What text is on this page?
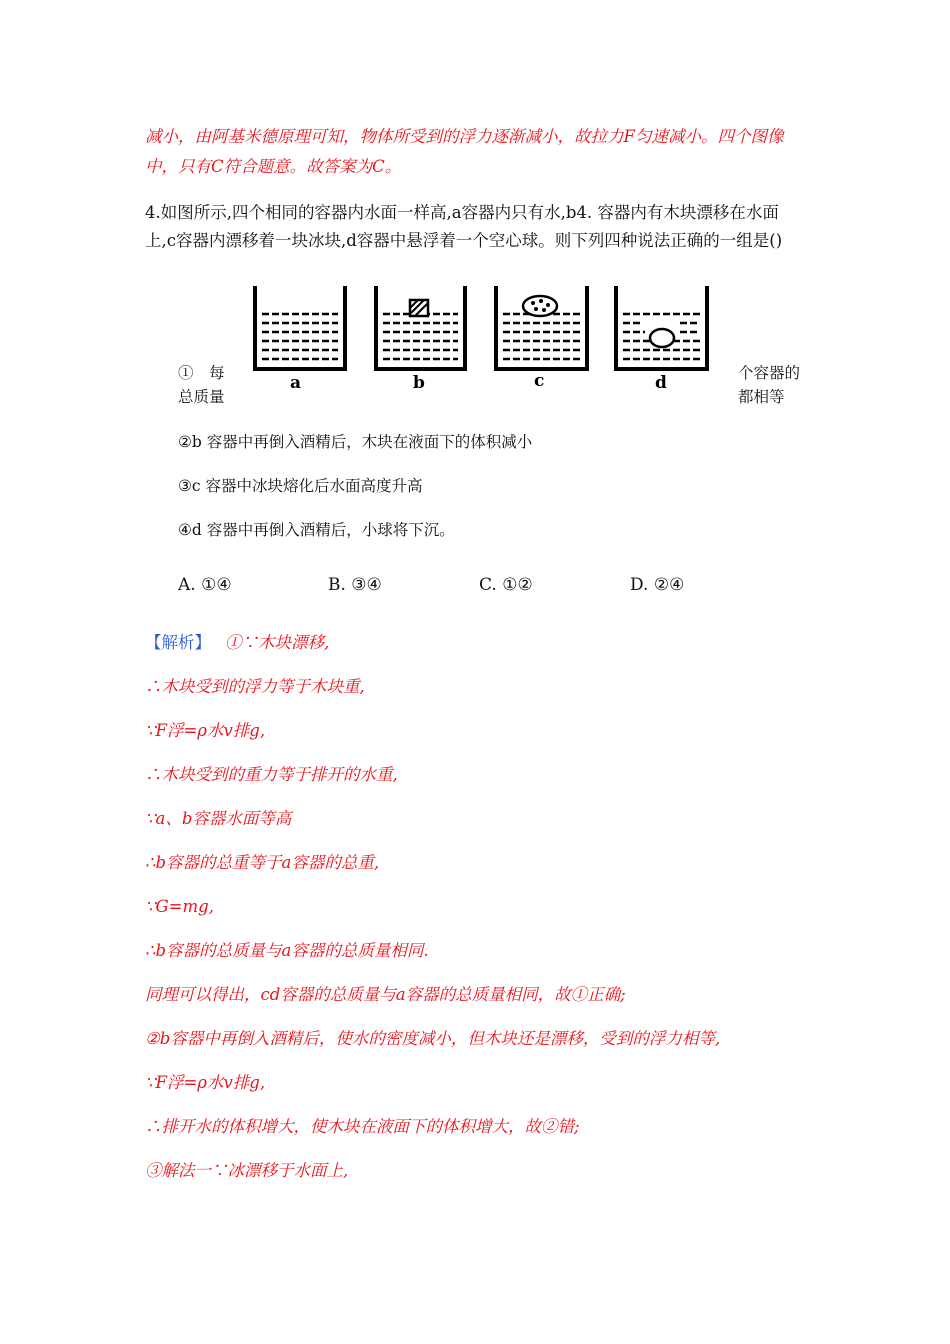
减小，由阿基米德原理可知，物体所受到的浮力逐渐减小，故拉力F匀速减小。四个图像
中，只有C符合题意。故答案为C。
4.如图所示,四个相同的容器内水面一样高,a容器内只有水,b4. 容器内有木块漂移在水面
上,c容器内漂移着一块冰块,d容器中悬浮着一个空心球。则下列四种说法正确的一组是()
a	b	c	d
①　每
总质量
个容器的
都相等
②b 容器中再倒入酒精后，木块在液面下的体积减小
③c 容器中冰块熔化后水面高度升高
④d 容器中再倒入酒精后，小球将下沉。
A. ①④	B. ③④	C. ①②	D. ②④
【解析】 ①∵木块漂移,
∴木块受到的浮力等于木块重,
∵F浮=ρ水v排g,
∴木块受到的重力等于排开的水重,
∵a、b容器水面等高
∴b容器的总重等于a容器的总重,
∵G=mg,
∴b容器的总质量与a容器的总质量相同.
同理可以得出，cd容器的总质量与a容器的总质量相同，故①正确;
②b容器中再倒入酒精后，使水的密度减小，但木块还是漂移，受到的浮力相等,
∵F浮=ρ水v排g,
∴排开水的体积增大，使木块在液面下的体积增大，故②错;
③解法一∵冰漂移于水面上,
